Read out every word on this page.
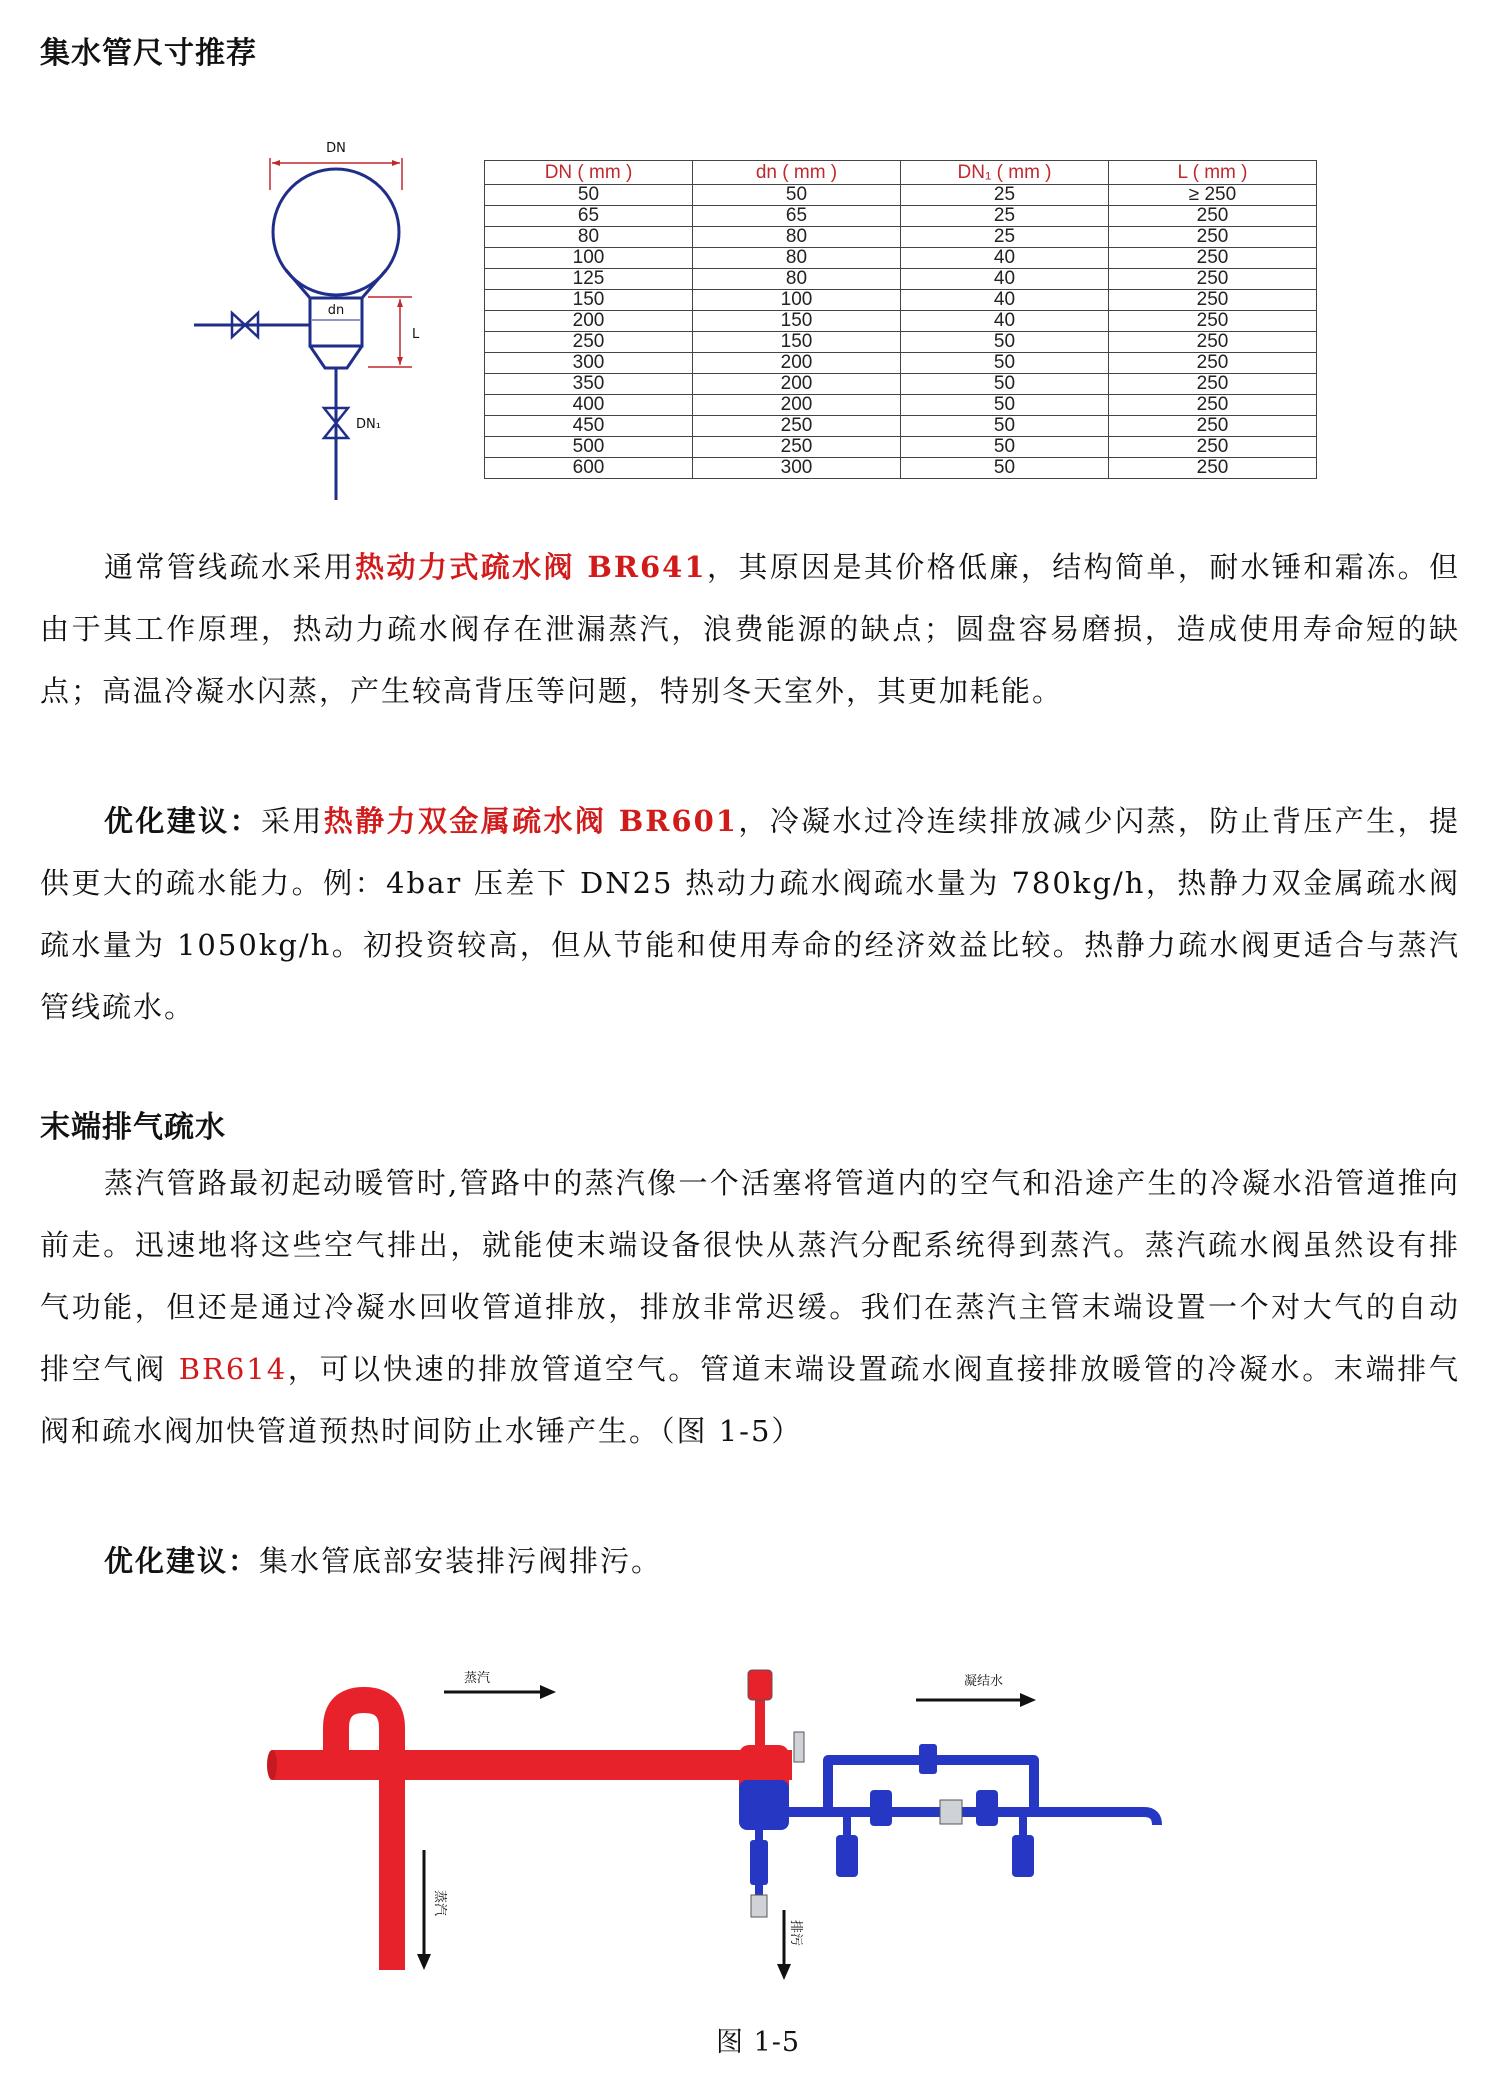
集水管尺寸推荐
DN
dn
L
DN₁
DN ( mm )	dn ( mm )	DN₁ ( mm )	L ( mm )
50	50	25	≥ 250
65	65	25	250
80	80	25	250
100	80	40	250
125	80	40	250
150	100	40	250
200	150	40	250
250	150	50	250
300	200	50	250
350	200	50	250
400	200	50	250
450	250	50	250
500	250	50	250
600	300	50	250
通常管线疏水采用热动力式疏水阀 BR641，其原因是其价格低廉，结构简单，耐水锤和霜冻。但由于其工作原理，热动力疏水阀存在泄漏蒸汽，浪费能源的缺点；圆盘容易磨损，造成使用寿命短的缺点；高温冷凝水闪蒸，产生较高背压等问题，特别冬天室外，其更加耗能。
优化建议：采用热静力双金属疏水阀 BR601，冷凝水过冷连续排放减少闪蒸，防止背压产生，提供更大的疏水能力。例：4bar 压差下 DN25 热动力疏水阀疏水量为 780kg/h，热静力双金属疏水阀疏水量为 1050kg/h。初投资较高，但从节能和使用寿命的经济效益比较。热静力疏水阀更适合与蒸汽管线疏水。
末端排气疏水
蒸汽管路最初起动暖管时,管路中的蒸汽像一个活塞将管道内的空气和沿途产生的冷凝水沿管道推向前走。迅速地将这些空气排出，就能使末端设备很快从蒸汽分配系统得到蒸汽。蒸汽疏水阀虽然设有排气功能，但还是通过冷凝水回收管道排放，排放非常迟缓。我们在蒸汽主管末端设置一个对大气的自动排空气阀 BR614，可以快速的排放管道空气。管道末端设置疏水阀直接排放暖管的冷凝水。末端排气阀和疏水阀加快管道预热时间防止水锤产生。（图 1-5）
优化建议：集水管底部安装排污阀排污。
蒸汽	凝结水
蒸汽
排污
图 1-5
